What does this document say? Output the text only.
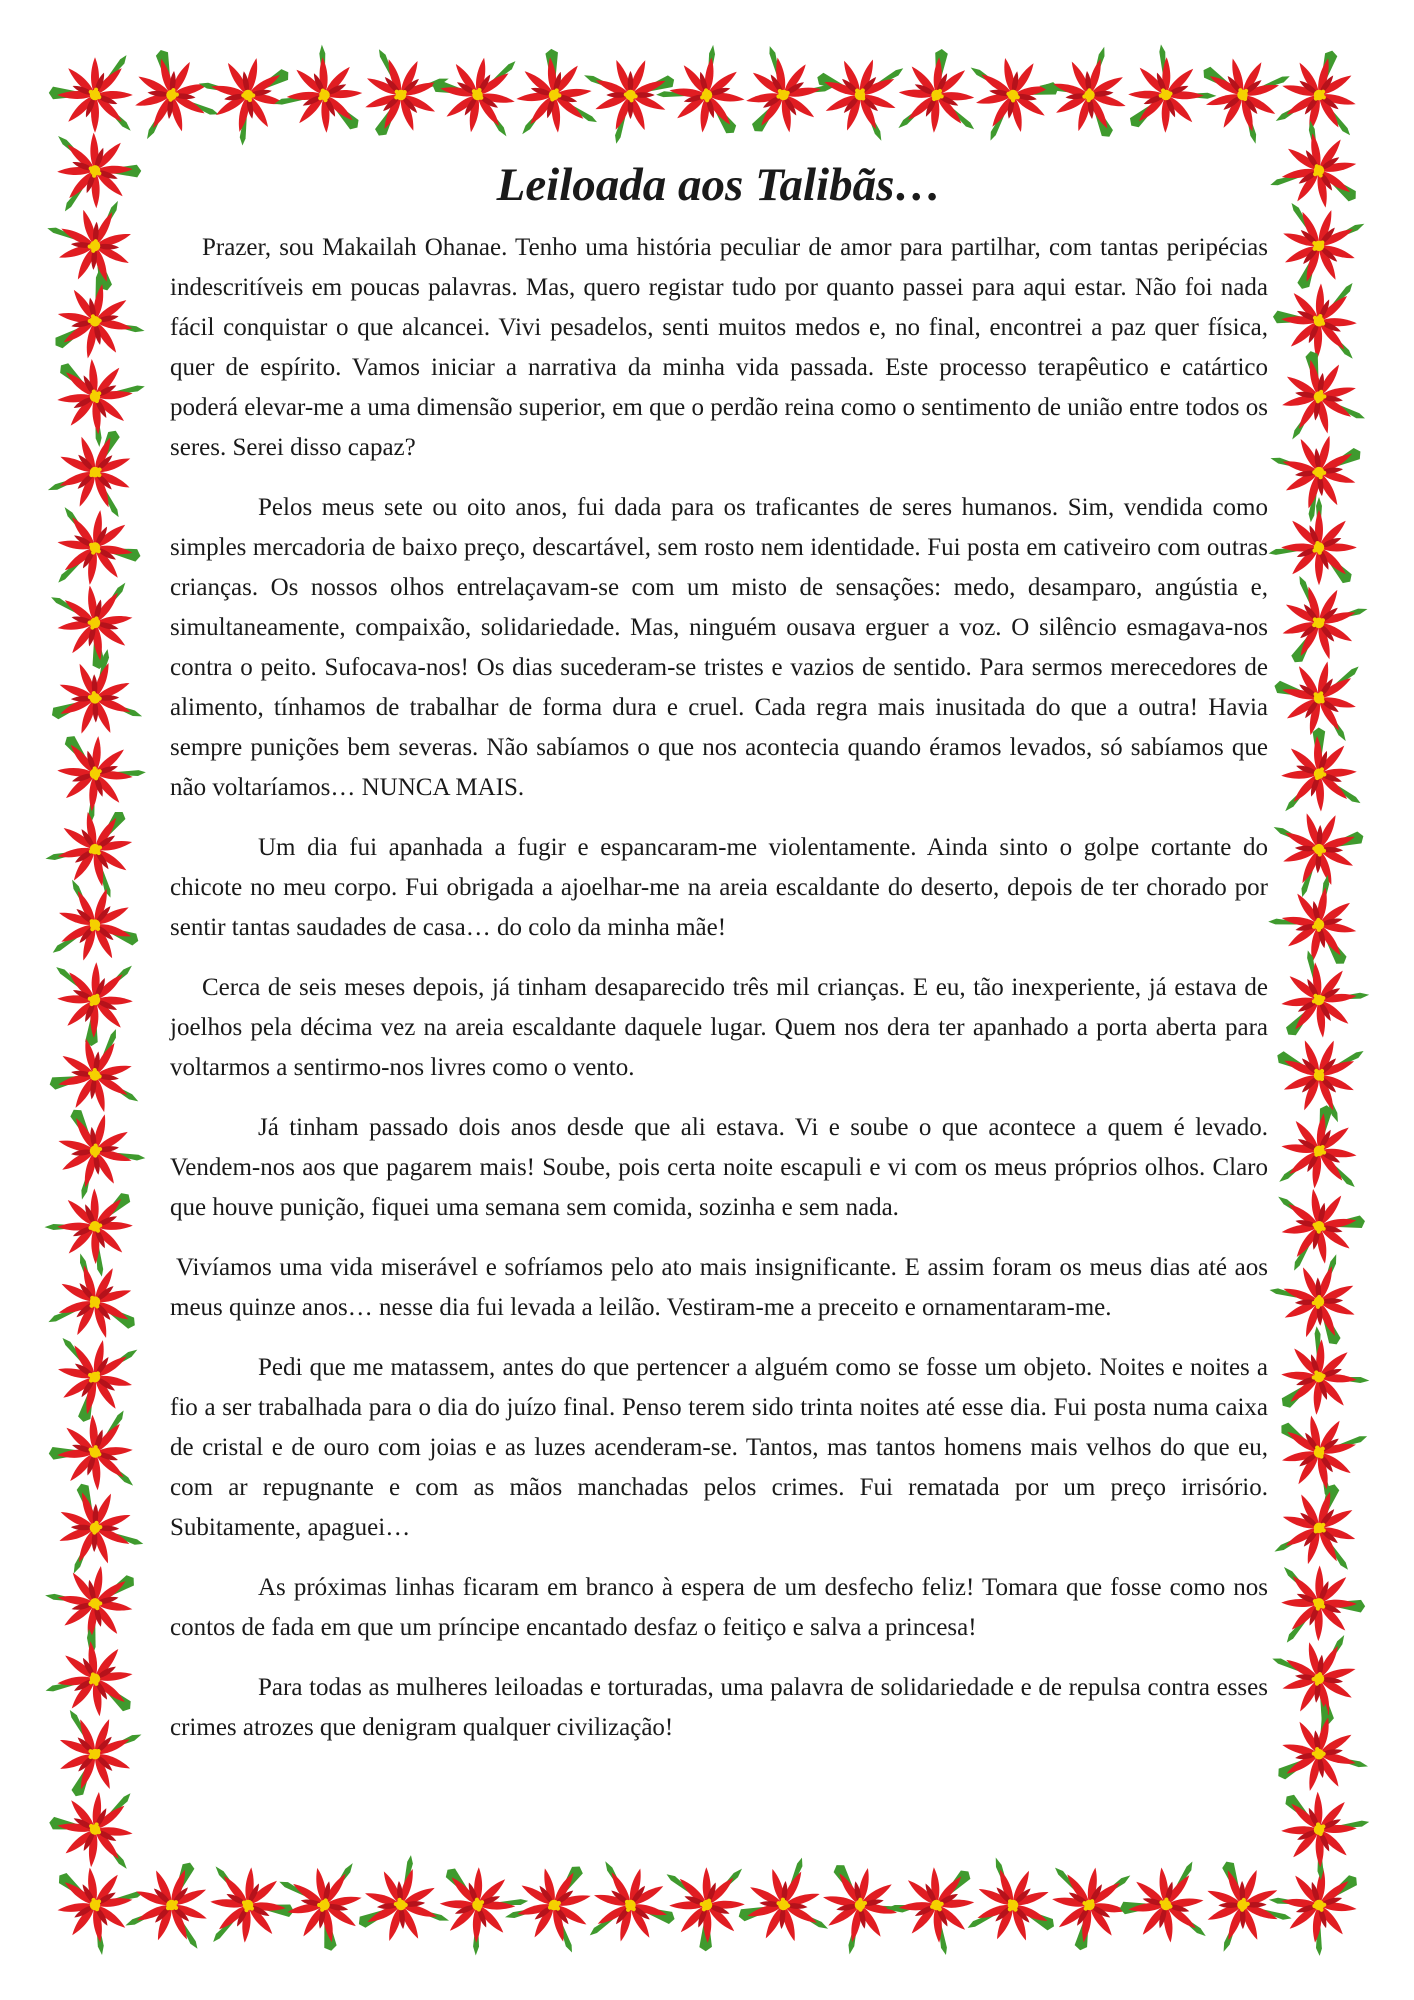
Leiloada aos Talibãs…

Prazer, sou Makailah Ohanae. Tenho uma história peculiar de amor para partilhar, com tantas peripécias indescritíveis em poucas palavras. Mas, quero registar tudo por quanto passei para aqui estar. Não foi nada fácil conquistar o que alcancei. Vivi pesadelos, senti muitos medos e, no final, encontrei a paz quer física, quer de espírito. Vamos iniciar a narrativa da minha vida passada. Este processo terapêutico e catártico poderá elevar-me a uma dimensão superior, em que o perdão reina como o sentimento de união entre todos os seres. Serei disso capaz?

Pelos meus sete ou oito anos, fui dada para os traficantes de seres humanos. Sim, vendida como simples mercadoria de baixo preço, descartável, sem rosto nem identidade. Fui posta em cativeiro com outras crianças. Os nossos olhos entrelaçavam-se com um misto de sensações: medo, desamparo, angústia e, simultaneamente, compaixão, solidariedade. Mas, ninguém ousava erguer a voz. O silêncio esmagava-nos contra o peito. Sufocava-nos! Os dias sucederam-se tristes e vazios de sentido. Para sermos merecedores de alimento, tínhamos de trabalhar de forma dura e cruel. Cada regra mais inusitada do que a outra! Havia sempre punições bem severas. Não sabíamos o que nos acontecia quando éramos levados, só sabíamos que não voltaríamos… NUNCA MAIS.

Um dia fui apanhada a fugir e espancaram-me violentamente. Ainda sinto o golpe cortante do chicote no meu corpo. Fui obrigada a ajoelhar-me na areia escaldante do deserto, depois de ter chorado por sentir tantas saudades de casa… do colo da minha mãe!

Cerca de seis meses depois, já tinham desaparecido três mil crianças. E eu, tão inexperiente, já estava de joelhos pela décima vez na areia escaldante daquele lugar. Quem nos dera ter apanhado a porta aberta para voltarmos a sentirmo-nos livres como o vento.

Já tinham passado dois anos desde que ali estava. Vi e soube o que acontece a quem é levado. Vendem-nos aos que pagarem mais! Soube, pois certa noite escapuli e vi com os meus próprios olhos. Claro que houve punição, fiquei uma semana sem comida, sozinha e sem nada.

Vivíamos uma vida miserável e sofríamos pelo ato mais insignificante. E assim foram os meus dias até aos meus quinze anos… nesse dia fui levada a leilão. Vestiram-me a preceito e ornamentaram-me.

Pedi que me matassem, antes do que pertencer a alguém como se fosse um objeto. Noites e noites a fio a ser trabalhada para o dia do juízo final. Penso terem sido trinta noites até esse dia. Fui posta numa caixa de cristal e de ouro com joias e as luzes acenderam-se. Tantos, mas tantos homens mais velhos do que eu, com ar repugnante e com as mãos manchadas pelos crimes. Fui rematada por um preço irrisório. Subitamente, apaguei…

As próximas linhas ficaram em branco à espera de um desfecho feliz! Tomara que fosse como nos contos de fada em que um príncipe encantado desfaz o feitiço e salva a princesa!

Para todas as mulheres leiloadas e torturadas, uma palavra de solidariedade e de repulsa contra esses crimes atrozes que denigram qualquer civilização!
